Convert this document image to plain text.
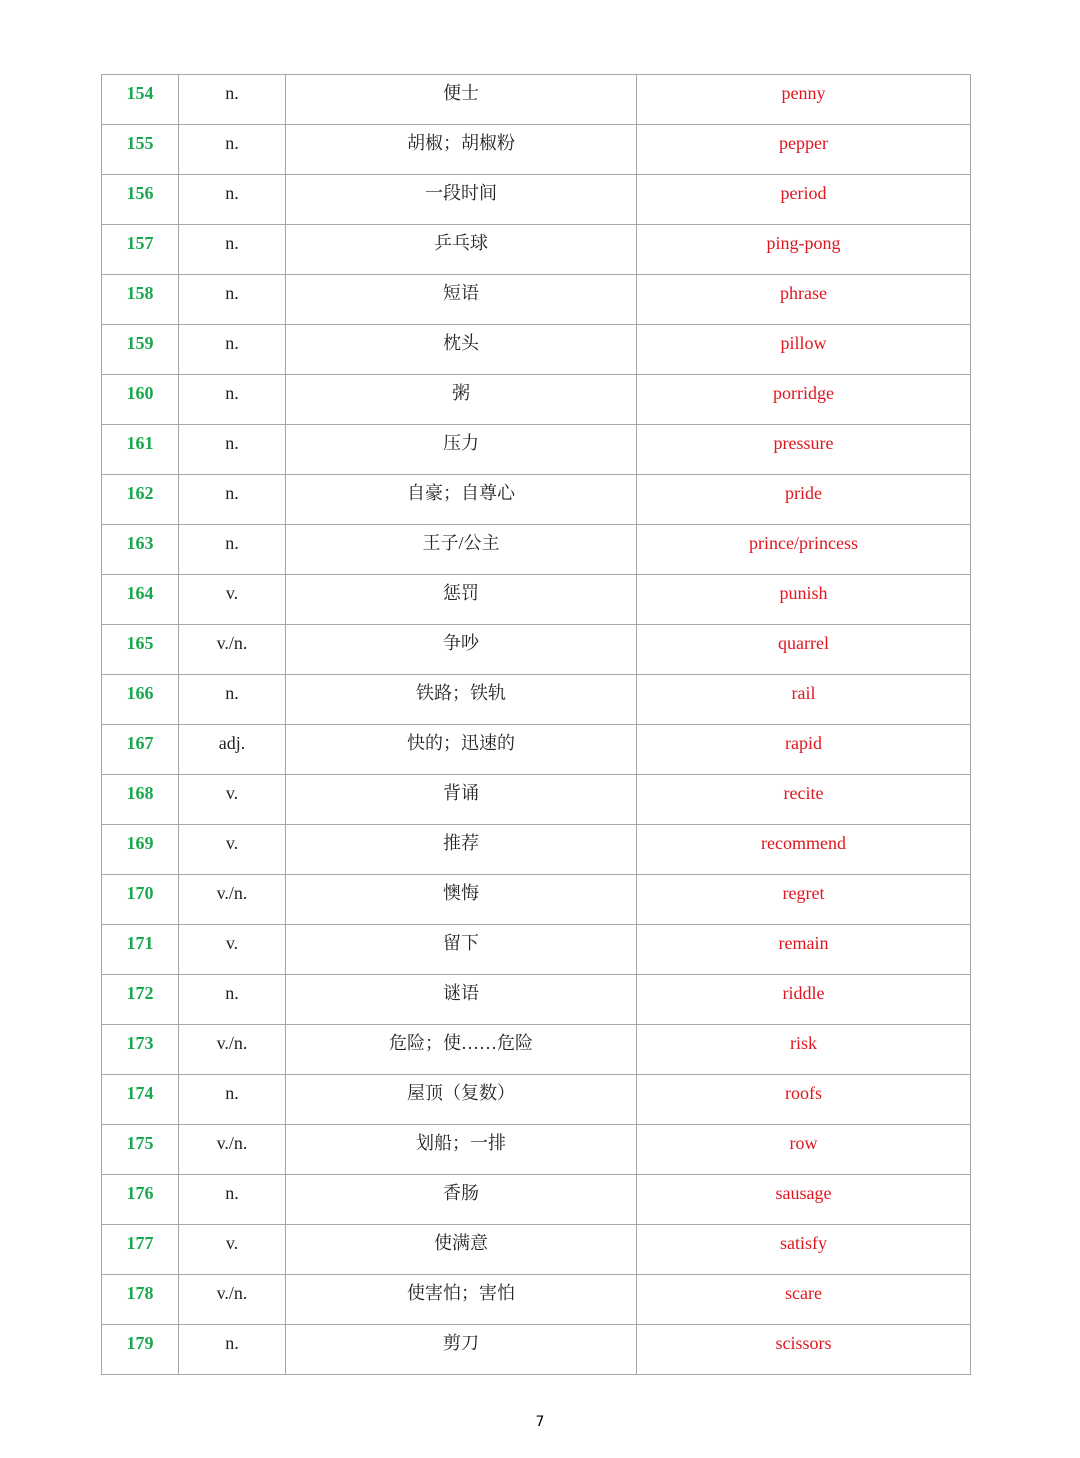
154	n.	便士	penny

155	n.	胡椒；胡椒粉	pepper

156	n.	一段时间	period

157	n.	乒乓球	ping-pong

158	n.	短语	phrase

159	n.	枕头	pillow

160	n.	粥	porridge

161	n.	压力	pressure

162	n.	自豪；自尊心	pride

163	n.	王子/公主	prince/princess

164	v.	惩罚	punish

165	v./n.	争吵	quarrel

166	n.	铁路；铁轨	rail

167	adj.	快的；迅速的	rapid

168	v.	背诵	recite

169	v.	推荐	recommend

170	v./n.	懊悔	regret

171	v.	留下	remain

172	n.	谜语	riddle

173	v./n.	危险；使……危险	risk

174	n.	屋顶（复数）	roofs

175	v./n.	划船；一排	row

176	n.	香肠	sausage

177	v.	使满意	satisfy

178	v./n.	使害怕；害怕	scare

179	n.	剪刀	scissors
7
